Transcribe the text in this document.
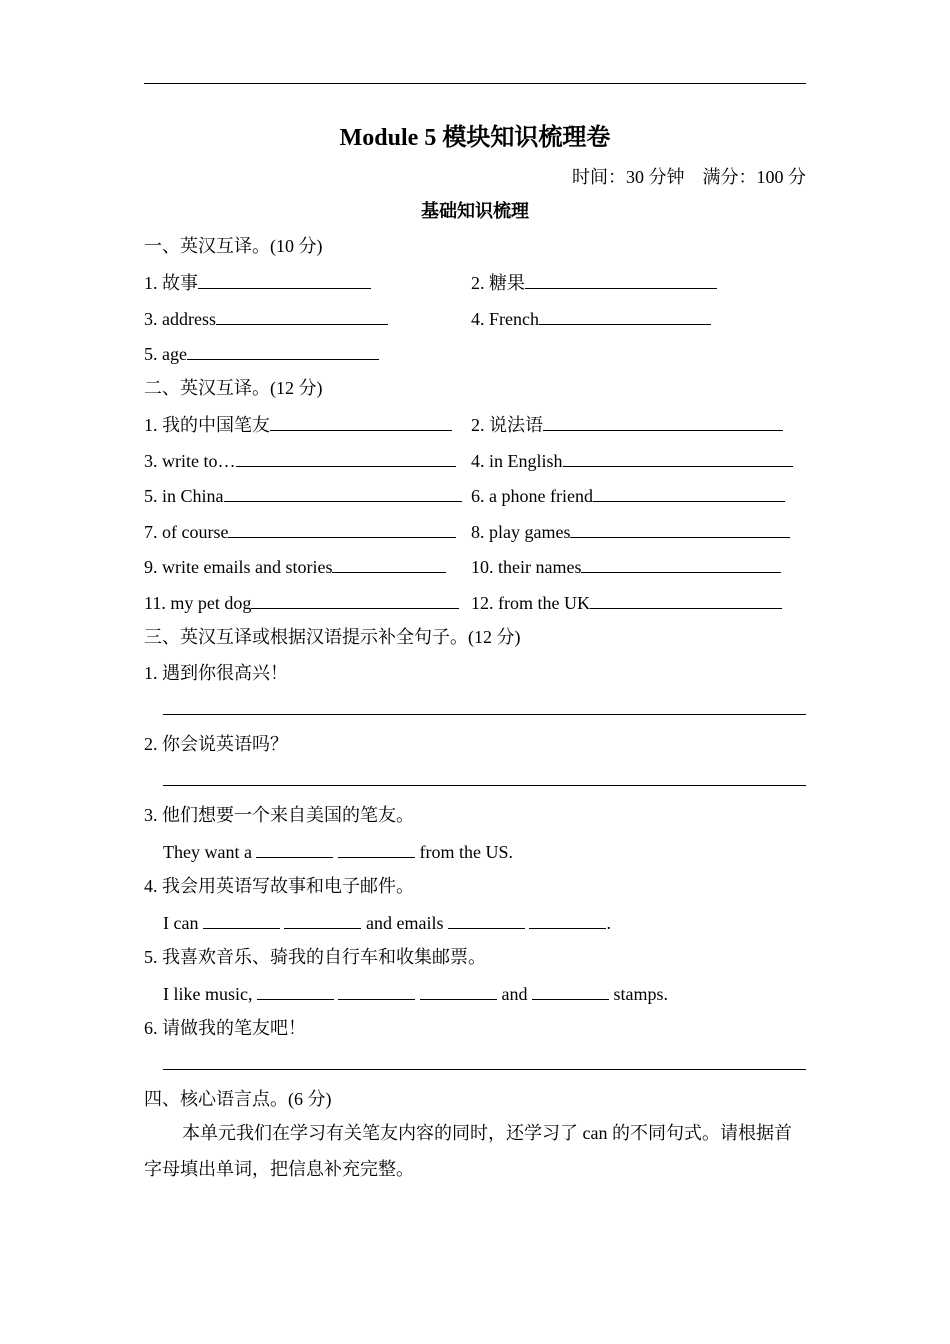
Module 5 模块知识梳理卷
时间：30 分钟    满分：100 分
基础知识梳理
一、英汉互译。(10 分)
1. 故事	2. 糖果
3. address	4. French
5. age
二、英汉互译。(12 分)
1. 我的中国笔友	2. 说法语
3. write to…	4. in English
5. in China	6. a phone friend
7. of course	8. play games
9. write emails and stories	10. their names
11. my pet dog	12. from the UK
三、英汉互译或根据汉语提示补全句子。(12 分)
1. 遇到你很高兴！
2. 你会说英语吗？
3. 他们想要一个来自美国的笔友。
They want a	from the US.
4. 我会用英语写故事和电子邮件。
I can	and emails	.
5. 我喜欢音乐、骑我的自行车和收集邮票。
I like music,	and	stamps.
6. 请做我的笔友吧！
四、核心语言点。(6 分)
本单元我们在学习有关笔友内容的同时，还学习了 can 的不同句式。请根据首字母填出单词，把信息补充完整。
